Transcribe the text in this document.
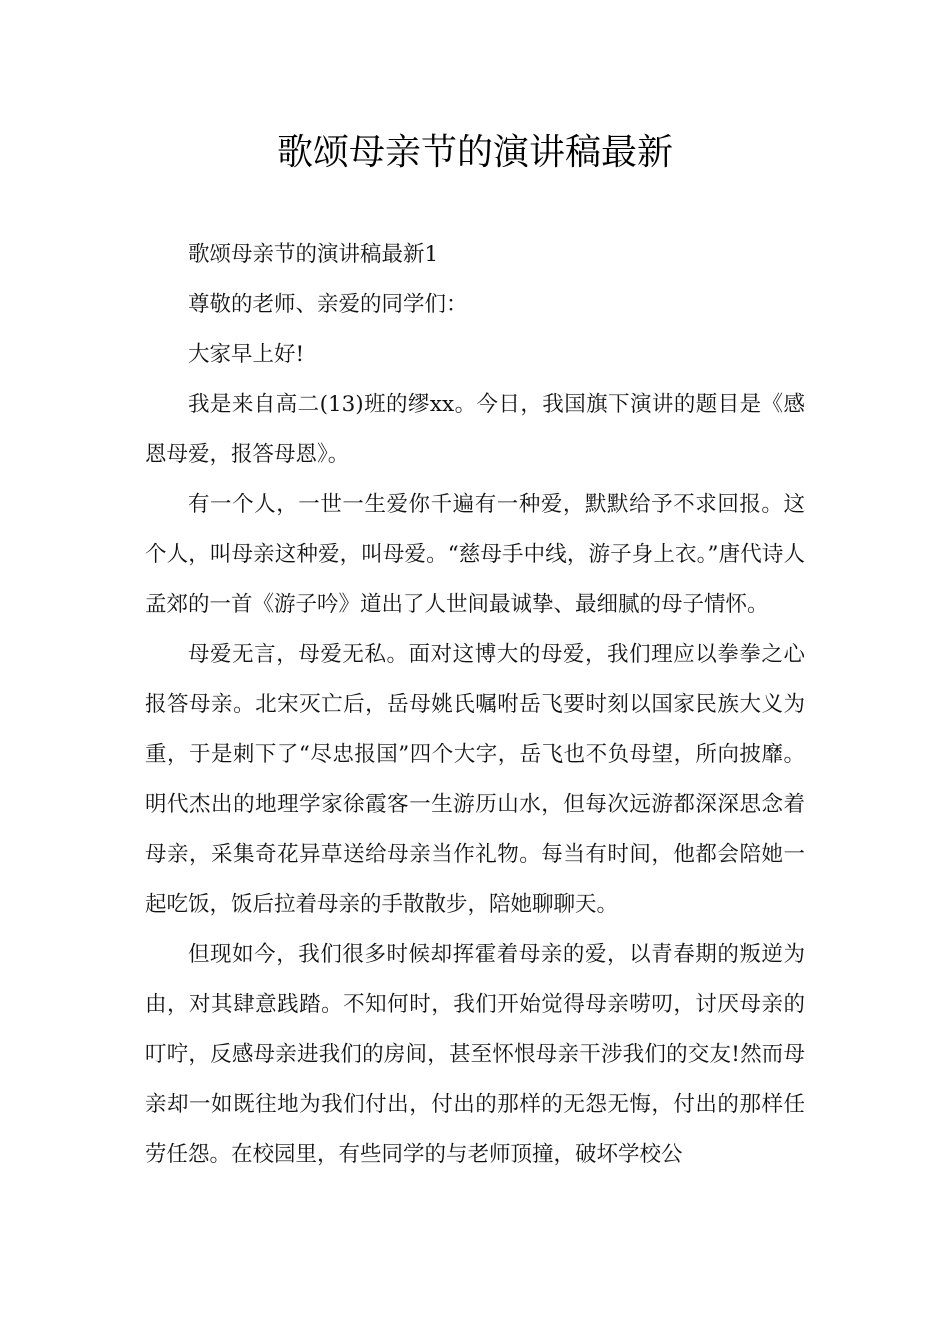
歌颂母亲节的演讲稿最新

歌颂母亲节的演讲稿最新1

尊敬的老师、亲爱的同学们：

大家早上好!

我是来自高二(13)班的缪xx。今日，我国旗下演讲的题目是《感恩母爱，报答母恩》。

有一个人，一世一生爱你千遍有一种爱，默默给予不求回报。这个人，叫母亲这种爱，叫母爱。“慈母手中线，游子身上衣。”唐代诗人孟郊的一首《游子吟》道出了人世间最诚挚、最细腻的母子情怀。

母爱无言，母爱无私。面对这博大的母爱，我们理应以拳拳之心报答母亲。北宋灭亡后，岳母姚氏嘱咐岳飞要时刻以国家民族大义为重，于是刺下了“尽忠报国”四个大字，岳飞也不负母望，所向披靡。明代杰出的地理学家徐霞客一生游历山水，但每次远游都深深思念着母亲，采集奇花异草送给母亲当作礼物。每当有时间，他都会陪她一起吃饭，饭后拉着母亲的手散散步，陪她聊聊天。

但现如今，我们很多时候却挥霍着母亲的爱，以青春期的叛逆为由，对其肆意践踏。不知何时，我们开始觉得母亲唠叨，讨厌母亲的叮咛，反感母亲进我们的房间，甚至怀恨母亲干涉我们的交友!然而母亲却一如既往地为我们付出，付出的那样的无怨无悔，付出的那样任劳任怨。在校园里，有些同学的与老师顶撞，破坏学校公
